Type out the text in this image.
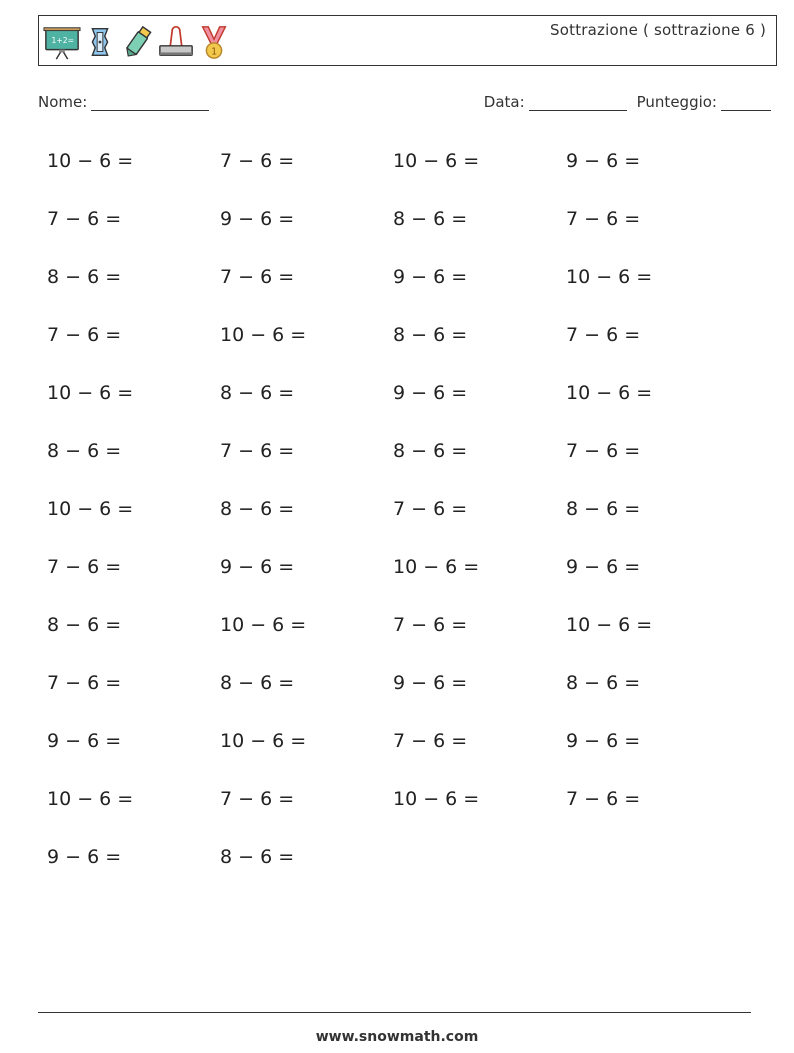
1+2=
1
Sottrazione ( sottrazione 6 )
Nome:	Data:	Punteggio:
10 − 6 =	7 − 6 =	10 − 6 =	9 − 6 =
7 − 6 =	9 − 6 =	8 − 6 =	7 − 6 =
8 − 6 =	7 − 6 =	9 − 6 =	10 − 6 =
7 − 6 =	10 − 6 =	8 − 6 =	7 − 6 =
10 − 6 =	8 − 6 =	9 − 6 =	10 − 6 =
8 − 6 =	7 − 6 =	8 − 6 =	7 − 6 =
10 − 6 =	8 − 6 =	7 − 6 =	8 − 6 =
7 − 6 =	9 − 6 =	10 − 6 =	9 − 6 =
8 − 6 =	10 − 6 =	7 − 6 =	10 − 6 =
7 − 6 =	8 − 6 =	9 − 6 =	8 − 6 =
9 − 6 =	10 − 6 =	7 − 6 =	9 − 6 =
10 − 6 =	7 − 6 =	10 − 6 =	7 − 6 =
9 − 6 =	8 − 6 =
www.snowmath.com
